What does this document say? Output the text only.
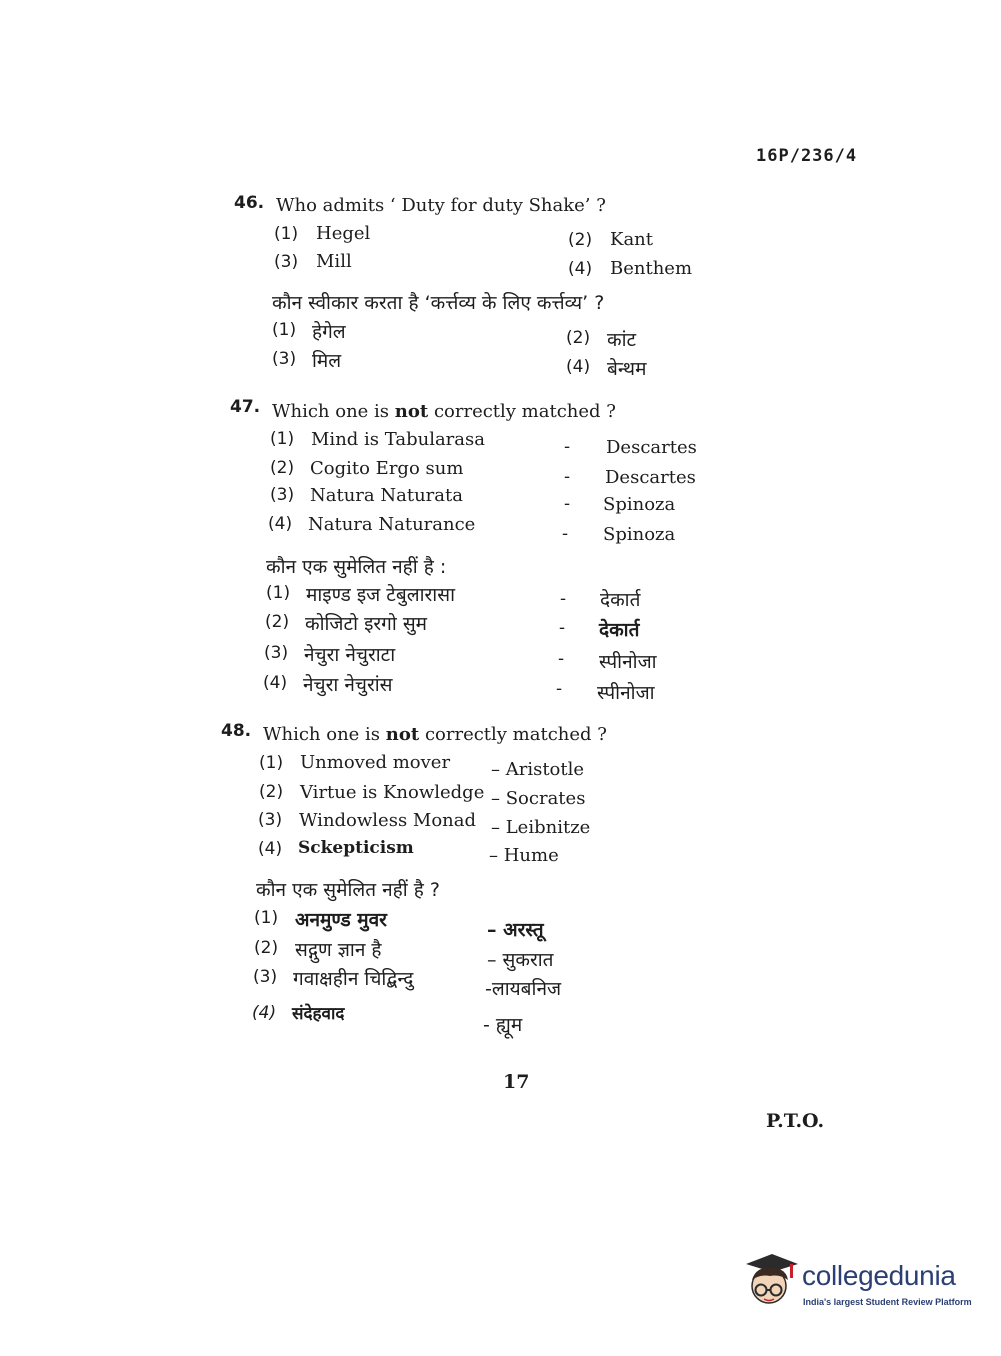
16P/236/4
46. Who admits ‘ Duty for duty Shake’ ?
(1) Hegel	(2) Kant
(3) Mill	(4) Benthem
कौन स्वीकार करता है ‘कर्त्तव्य के लिए कर्त्तव्य’ ?
(1) हेगेल	(2) कांट
(3) मिल	(4) बेन्थम
47. Which one is not correctly matched ?
(1) Mind is Tabularasa	- Descartes
(2) Cogito Ergo sum	- Descartes
(3) Natura Naturata	- Spinoza
(4) Natura Naturance	- Spinoza
कौन एक सुमेलित नहीं है :
(1) माइण्ड इज टेबुलारासा	- देकार्त
(2) कोजिटो इरगो सुम	- देकार्त
(3) नेचुरा नेचुराटा	- स्पीनोजा
(4) नेचुरा नेचुरांस	- स्पीनोजा
48. Which one is not correctly matched ?
(1) Unmoved mover – Aristotle
(2) Virtue is Knowledge – Socrates
(3) Windowless Monad – Leibnitze
(4) Sckepticism	– Hume
कौन एक सुमेलित नहीं है ?
(1) अनमुण्ड मुवर	– अरस्तू
(2) सद्गुण ज्ञान है	– सुकरात
(3) गवाक्षहीन चिद्बिन्दु	-लायबनिज
(4) संदेहवाद	- ह्यूम
17
P.T.O.
collegedunia
India's largest Student Review Platform
